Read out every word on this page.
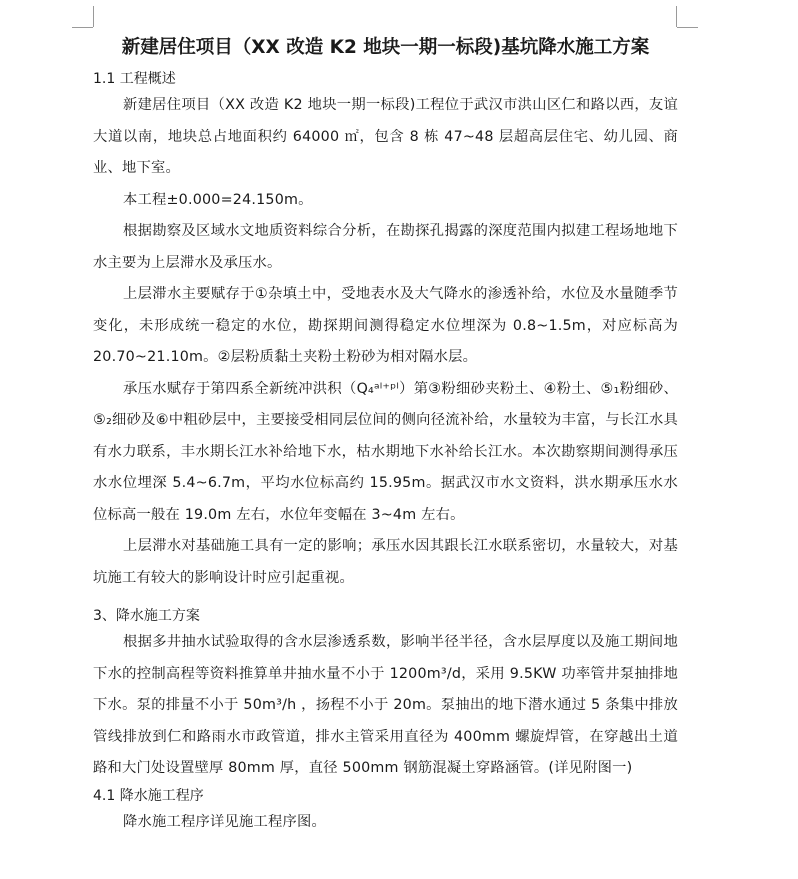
新建居住项目（XX 改造 K2 地块一期一标段)基坑降水施工方案
1.1 工程概述

新建居住项目（XX 改造 K2 地块一期一标段)工程位于武汉市洪山区仁和路以西，友谊大道以南，地块总占地面积约 64000 ㎡，包含 8 栋 47~48 层超高层住宅、幼儿园、商业、地下室。

本工程±0.000=24.150m。

根据勘察及区域水文地质资料综合分析，在勘探孔揭露的深度范围内拟建工程场地地下水主要为上层滞水及承压水。

上层滞水主要赋存于①杂填土中，受地表水及大气降水的渗透补给，水位及水量随季节变化，未形成统一稳定的水位，勘探期间测得稳定水位埋深为 0.8~1.5m，对应标高为 20.70~21.10m。②层粉质黏土夹粉土粉砂为相对隔水层。

承压水赋存于第四系全新统冲洪积（Q₄ᵃˡ⁺ᵖˡ）第③粉细砂夹粉土、④粉土、⑤₁粉细砂、⑤₂细砂及⑥中粗砂层中，主要接受相同层位间的侧向径流补给，水量较为丰富，与长江水具有水力联系，丰水期长江水补给地下水，枯水期地下水补给长江水。本次勘察期间测得承压水水位埋深 5.4~6.7m，平均水位标高约 15.95m。据武汉市水文资料，洪水期承压水水位标高一般在 19.0m 左右，水位年变幅在 3~4m 左右。

上层滞水对基础施工具有一定的影响；承压水因其跟长江水联系密切，水量较大，对基坑施工有较大的影响设计时应引起重视。

3、降水施工方案

根据多井抽水试验取得的含水层渗透系数，影响半径半径，含水层厚度以及施工期间地下水的控制高程等资料推算单井抽水量不小于 1200m³/d，采用 9.5KW 功率管井泵抽排地下水。泵的排量不小于 50m³/h ，扬程不小于 20m。泵抽出的地下潜水通过 5 条集中排放管线排放到仁和路雨水市政管道，排水主管采用直径为 400mm 螺旋焊管，在穿越出土道路和大门处设置壁厚 80mm 厚，直径 500mm 钢筋混凝土穿路涵管。(详见附图一)

4.1 降水施工程序

降水施工程序详见施工程序图。
